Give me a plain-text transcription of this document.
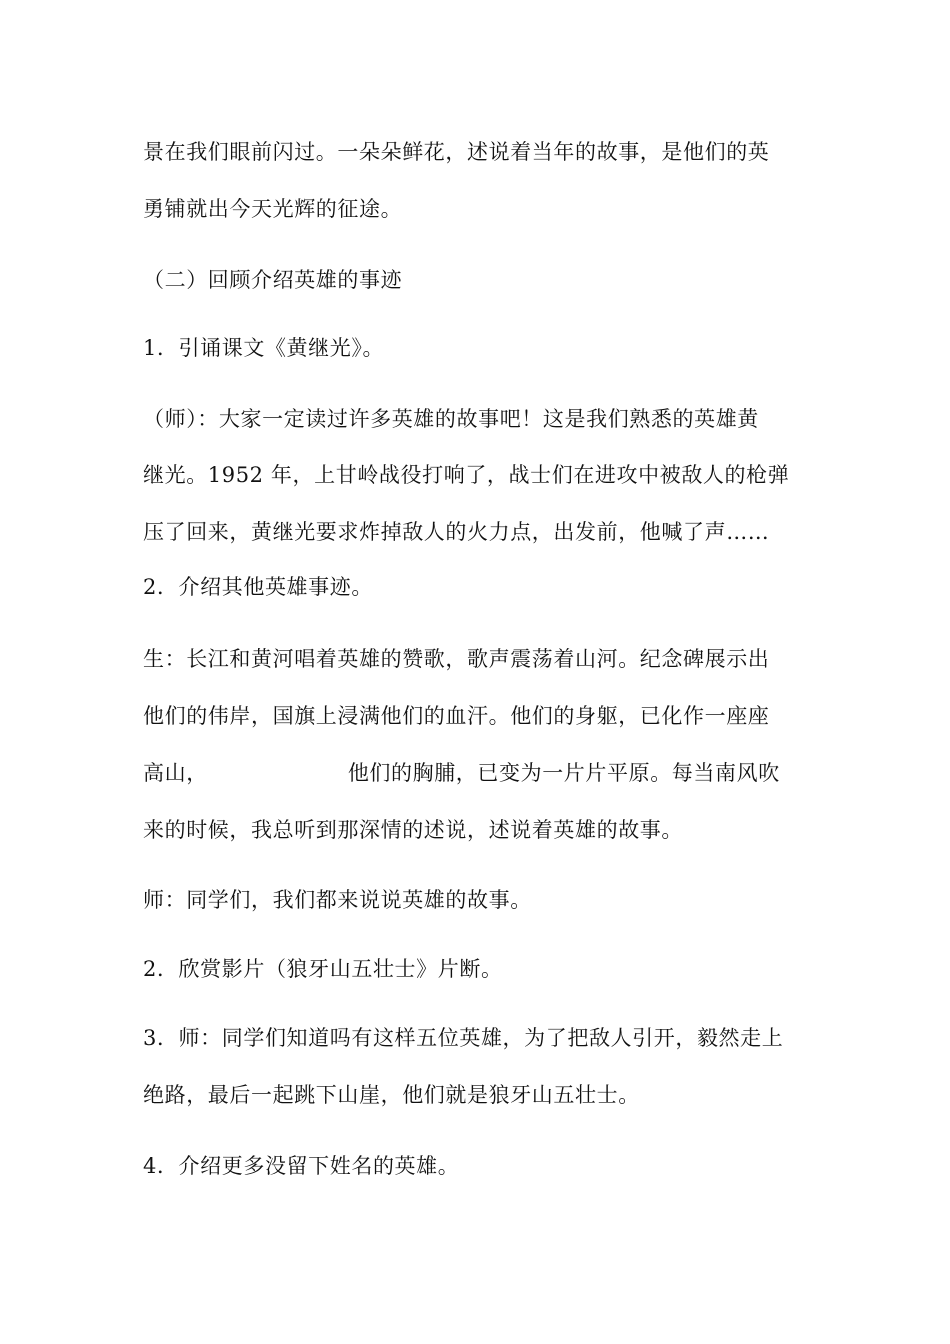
景在我们眼前闪过。一朵朵鲜花，述说着当年的故事，是他们的英
勇铺就出今天光辉的征途。
（二）回顾介绍英雄的事迹
1．引诵课文《黄继光》。
（师）：大家一定读过许多英雄的故事吧！这是我们熟悉的英雄黄
继光。1952 年，上甘岭战役打响了，战士们在进攻中被敌人的枪弹
压了回来，黄继光要求炸掉敌人的火力点，出发前，他喊了声……
2．介绍其他英雄事迹。
生：长江和黄河唱着英雄的赞歌，歌声震荡着山河。纪念碑展示出
他们的伟岸，国旗上浸满他们的血汗。他们的身躯，已化作一座座
高山，	他们的胸脯，已变为一片片平原。每当南风吹
来的时候，我总听到那深情的述说，述说着英雄的故事。
师：同学们，我们都来说说英雄的故事。
2．欣赏影片（狼牙山五壮士》片断。
3．师：同学们知道吗有这样五位英雄，为了把敌人引开，毅然走上
绝路，最后一起跳下山崖，他们就是狼牙山五壮士。
4．介绍更多没留下姓名的英雄。
